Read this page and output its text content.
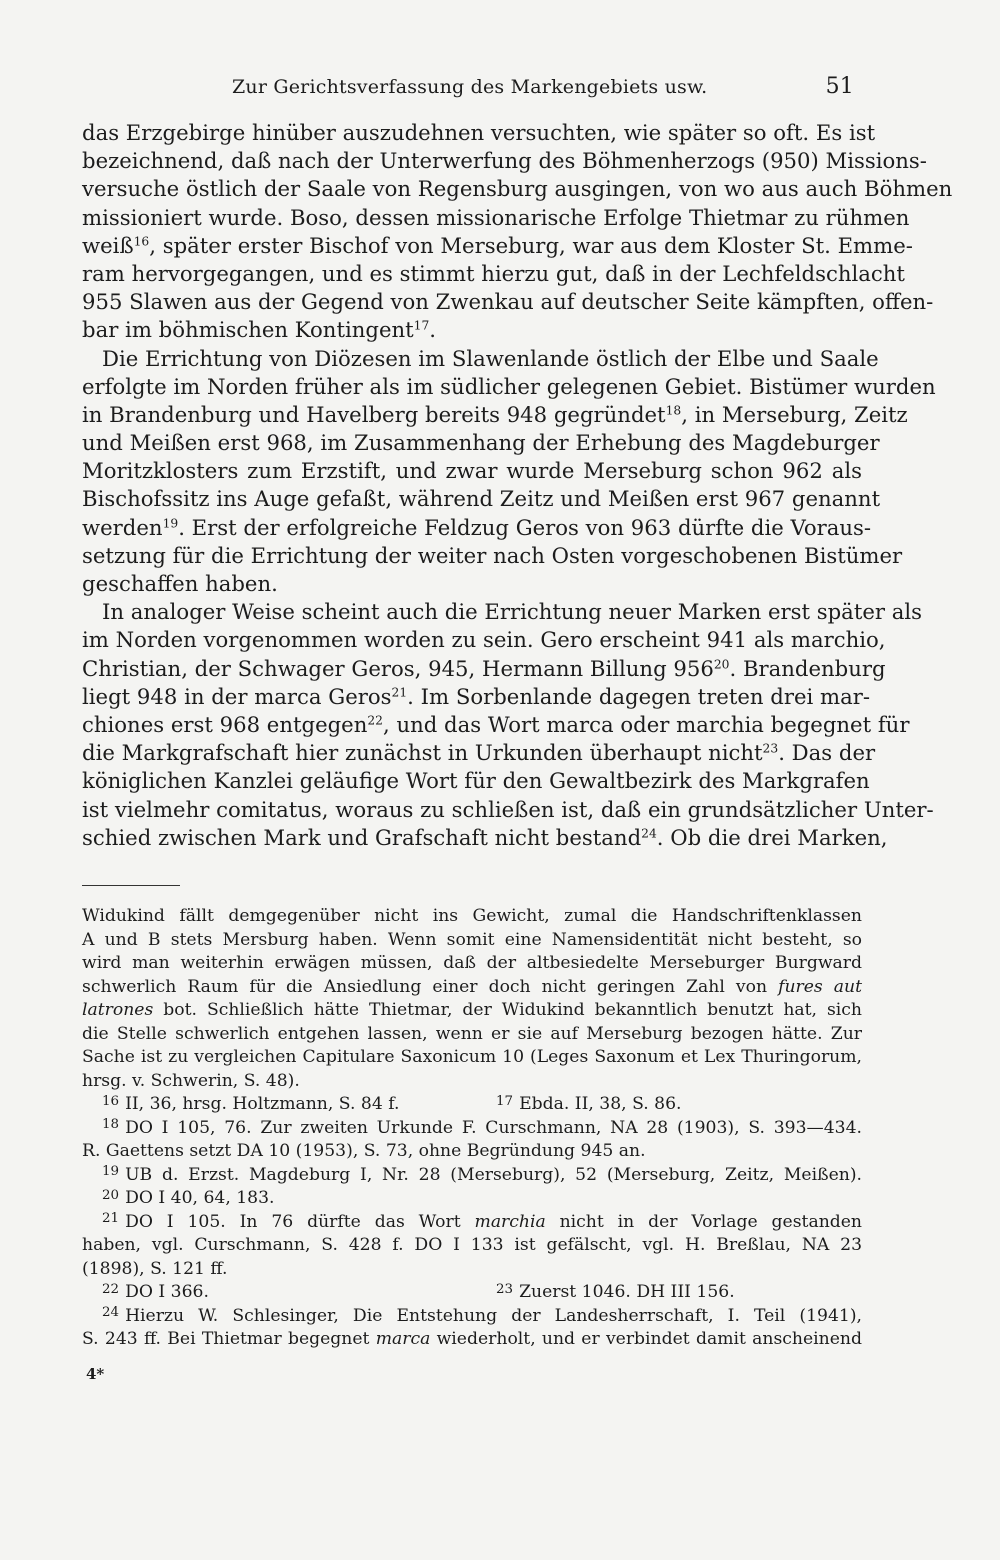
Zur Gerichtsverfassung des Markengebiets usw.	51
das Erzgebirge hinüber auszudehnen versuchten, wie später so oft. Es ist
bezeichnend, daß nach der Unterwerfung des Böhmenherzogs (950) Missions-
versuche östlich der Saale von Regensburg ausgingen, von wo aus auch Böhmen
missioniert wurde. Boso, dessen missionarische Erfolge Thietmar zu rühmen
weiß$^{16}$, später erster Bischof von Merseburg, war aus dem Kloster St. Emme-
ram hervorgegangen, und es stimmt hierzu gut, daß in der Lechfeldschlacht
955 Slawen aus der Gegend von Zwenkau auf deutscher Seite kämpften, offen-
bar im böhmischen Kontingent$^{17}$.
Die Errichtung von Diözesen im Slawenlande östlich der Elbe und Saale
erfolgte im Norden früher als im südlicher gelegenen Gebiet. Bistümer wurden
in Brandenburg und Havelberg bereits 948 gegründet$^{18}$, in Merseburg, Zeitz
und Meißen erst 968, im Zusammenhang der Erhebung des Magdeburger
Moritzklosters zum Erzstift, und zwar wurde Merseburg schon 962 als
Bischofssitz ins Auge gefaßt, während Zeitz und Meißen erst 967 genannt
werden$^{19}$. Erst der erfolgreiche Feldzug Geros von 963 dürfte die Voraus-
setzung für die Errichtung der weiter nach Osten vorgeschobenen Bistümer
geschaffen haben.
In analoger Weise scheint auch die Errichtung neuer Marken erst später als
im Norden vorgenommen worden zu sein. Gero erscheint 941 als marchio,
Christian, der Schwager Geros, 945, Hermann Billung $956^{20}$. Brandenburg
liegt 948 in der marca Geros$^{21}$. Im Sorbenlande dagegen treten drei mar-
chiones erst 968 entgegen$^{22}$, und das Wort marca oder marchia begegnet für
die Markgrafschaft hier zunächst in Urkunden überhaupt nicht$^{23}$. Das der
königlichen Kanzlei geläufige Wort für den Gewaltbezirk des Markgrafen
ist vielmehr comitatus, woraus zu schließen ist, daß ein grundsätzlicher Unter-
schied zwischen Mark und Grafschaft nicht bestand$^{24}$. Ob die drei Marken,
Widukind fällt demgegenüber nicht ins Gewicht, zumal die Handschriftenklassen
A und B stets Mersburg haben. Wenn somit eine Namensidentität nicht besteht, so
wird man weiterhin erwägen müssen, daß der altbesiedelte Merseburger Burgward
schwerlich Raum für die Ansiedlung einer doch nicht geringen Zahl von fures aut
latrones bot. Schließlich hätte Thietmar, der Widukind bekanntlich benutzt hat, sich
die Stelle schwerlich entgehen lassen, wenn er sie auf Merseburg bezogen hätte. Zur
Sache ist zu vergleichen Capitulare Saxonicum 10 (Leges Saxonum et Lex Thuringorum,
hrsg. v. Schwerin, S. 48).
$^{16}$ II, 36, hrsg. Holtzmann, S. 84 f.	$^{17}$ Ebda. II, 38, S. 86.
$^{18}$ DO I 105, 76. Zur zweiten Urkunde F. Curschmann, NA 28 (1903), S. 393—434.
R. Gaettens setzt DA 10 (1953), S. 73, ohne Begründung 945 an.
$^{19}$ UB d. Erzst. Magdeburg I, Nr. 28 (Merseburg), 52 (Merseburg, Zeitz, Meißen).
$^{20}$ DO I 40, 64, 183.
$^{21}$ DO I 105. In 76 dürfte das Wort marchia nicht in der Vorlage gestanden
haben, vgl. Curschmann, S. 428 f. DO I 133 ist gefälscht, vgl. H. Breßlau, NA 23
(1898), S. 121 ff.
$^{22}$ DO I 366.	$^{23}$ Zuerst 1046. DH III 156.
$^{24}$ Hierzu W. Schlesinger, Die Entstehung der Landesherrschaft, I. Teil (1941),
S. 243 ff. Bei Thietmar begegnet marca wiederholt, und er verbindet damit anscheinend
4*
